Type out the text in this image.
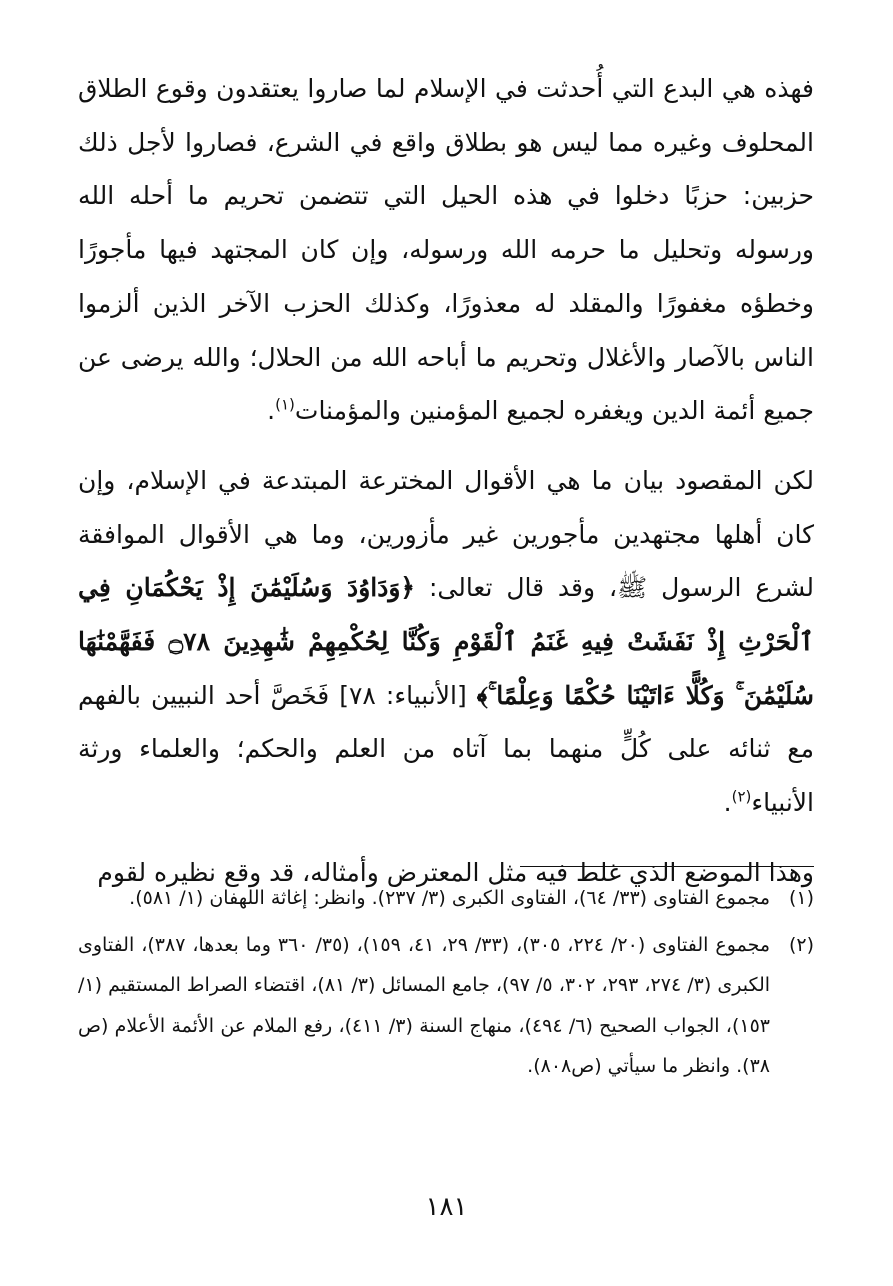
فهذه هي البدع التي أُحدثت في الإسلام لما صاروا يعتقدون وقوع الطلاق المحلوف وغيره مما ليس هو بطلاق واقع في الشرع، فصاروا لأجل ذلك حزبين: حزبًا دخلوا في هذه الحيل التي تتضمن تحريم ما أحله الله ورسوله وتحليل ما حرمه الله ورسوله، وإن كان المجتهد فيها مأجورًا وخطؤه مغفورًا والمقلد له معذورًا، وكذلك الحزب الآخر الذين ألزموا الناس بالآصار والأغلال وتحريم ما أباحه الله من الحلال؛ والله يرضى عن جميع أئمة الدين ويغفره لجميع المؤمنين والمؤمنات$^{(١)}$.

لكن المقصود بيان ما هي الأقوال المخترعة المبتدعة في الإسلام، وإن كان أهلها مجتهدين مأجورين غير مأزورين، وما هي الأقوال الموافقة لشرع الرسول ﷺ، وقد قال تعالى: ﴿وَدَاوُدَ وَسُلَيْمَٰنَ إِذْ يَحْكُمَانِ فِي ٱلْحَرْثِ إِذْ نَفَشَتْ فِيهِ غَنَمُ ٱلْقَوْمِ وَكُنَّا لِحُكْمِهِمْ شَٰهِدِينَ ۝٧٨ فَفَهَّمْنَٰهَا سُلَيْمَٰنَ ۚ وَكُلًّا ءَاتَيْنَا حُكْمًا وَعِلْمًا ۚ﴾ [الأنبياء: ٧٨] فَخَصَّ أحد النبيين بالفهم مع ثنائه على كُلٍّ منهما بما آتاه من العلم والحكم؛ والعلماء ورثة الأنبياء$^{(٢)}$.

وهذا الموضع الذي غلط فيه مثل المعترض وأمثاله، قد وقع نظيره لقوم

(١)
مجموع الفتاوى (٣٣/ ٦٤)، الفتاوى الكبرى (٣/ ٢٣٧). وانظر: إغاثة اللهفان (١/ ٥٨١).
(٢)
مجموع الفتاوى (٢٠/ ٢٢٤، ٣٠٥)، (٣٣/ ٢٩، ٤١، ١٥٩)، (٣٥/ ٣٦٠ وما بعدها، ٣٨٧)، الفتاوى الكبرى (٣/ ٢٧٤، ٢٩٣، ٣٠٢، ٥/ ٩٧)، جامع المسائل (٣/ ٨١)، اقتضاء الصراط المستقيم (١/ ١٥٣)، الجواب الصحيح (٦/ ٤٩٤)، منهاج السنة (٣/ ٤١١)، رفع الملام عن الأئمة الأعلام (ص ٣٨). وانظر ما سيأتي (ص٨٠٨).
١٨١
